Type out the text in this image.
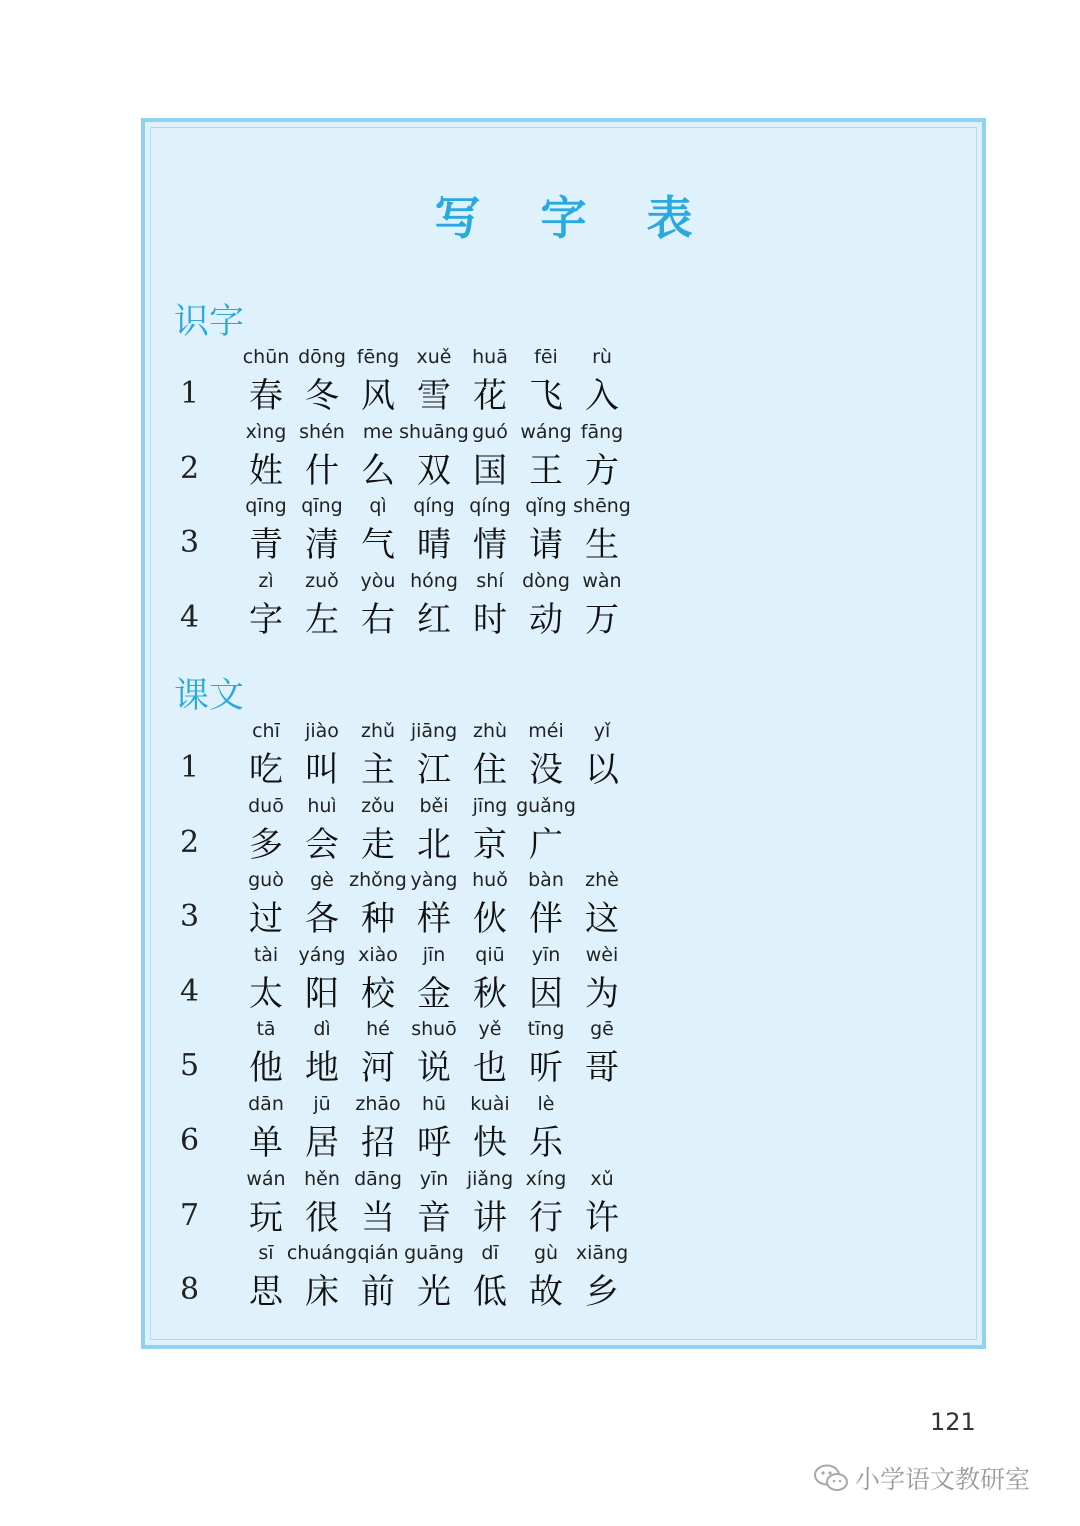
写 字 表
识字
1
chūn
春
dōng
冬
fēng
风
xuě
雪
huā
花
fēi
飞
rù
入
2
xìng
姓
shén
什
me
么
shuāng
双
guó
国
wáng
王
fāng
方
3
qīng
青
qīng
清
qì
气
qíng
晴
qíng
情
qǐng
请
shēng
生
4
zì
字
zuǒ
左
yòu
右
hóng
红
shí
时
dòng
动
wàn
万
课文
1
chī
吃
jiào
叫
zhǔ
主
jiāng
江
zhù
住
méi
没
yǐ
以
2
duō
多
huì
会
zǒu
走
běi
北
jīng
京
guǎng
广
3
guò
过
gè
各
zhǒng
种
yàng
样
huǒ
伙
bàn
伴
zhè
这
4
tài
太
yáng
阳
xiào
校
jīn
金
qiū
秋
yīn
因
wèi
为
5
tā
他
dì
地
hé
河
shuō
说
yě
也
tīng
听
gē
哥
6
dān
单
jū
居
zhāo
招
hū
呼
kuài
快
lè
乐
7
wán
玩
hěn
很
dāng
当
yīn
音
jiǎng
讲
xíng
行
xǔ
许
8
sī
思
chuáng
床
qián
前
guāng
光
dī
低
gù
故
xiāng
乡
121
小学语文教研室
